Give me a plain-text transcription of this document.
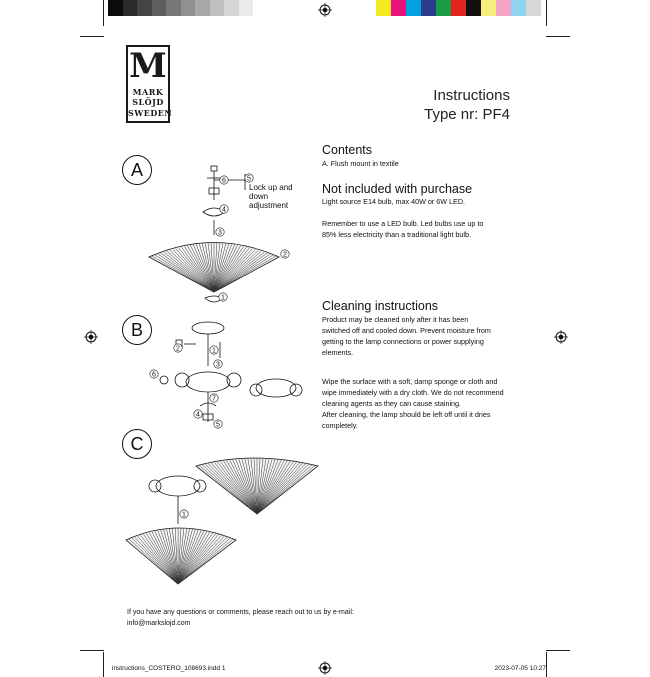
M
MARK
SLÖJD
SWEDEN
Instructions
Type nr: PF4
A
B
C
6	5
4
3
2
1
Lock up and
down
adjustment
2	1
3
6
7
4
5
1
Contents

A. Flush mount in textile

Not included with purchase

Light source E14 bulb, max 40W or 6W LED.

Remember to use a LED bulb. Led bulbs use up to
85% less electricity than a traditional light bulb.

Cleaning instructions

Product may be cleaned only after it has been
switched off and cooled down. Prevent moisture from
getting to the lamp connections or power supplying
elements.

Wipe the surface with a soft, damp sponge or cloth and
wipe immediately with a dry cloth. We do not recommend
cleaning agents as they can cause staining.
After cleaning, the lamp should be left off until it dries
completely.

If you have any questions or comments, please reach out to us by e-mail:
info@markslojd.com
instructions_COSTERO_108693.indd 1	2023-07-05 10:27
